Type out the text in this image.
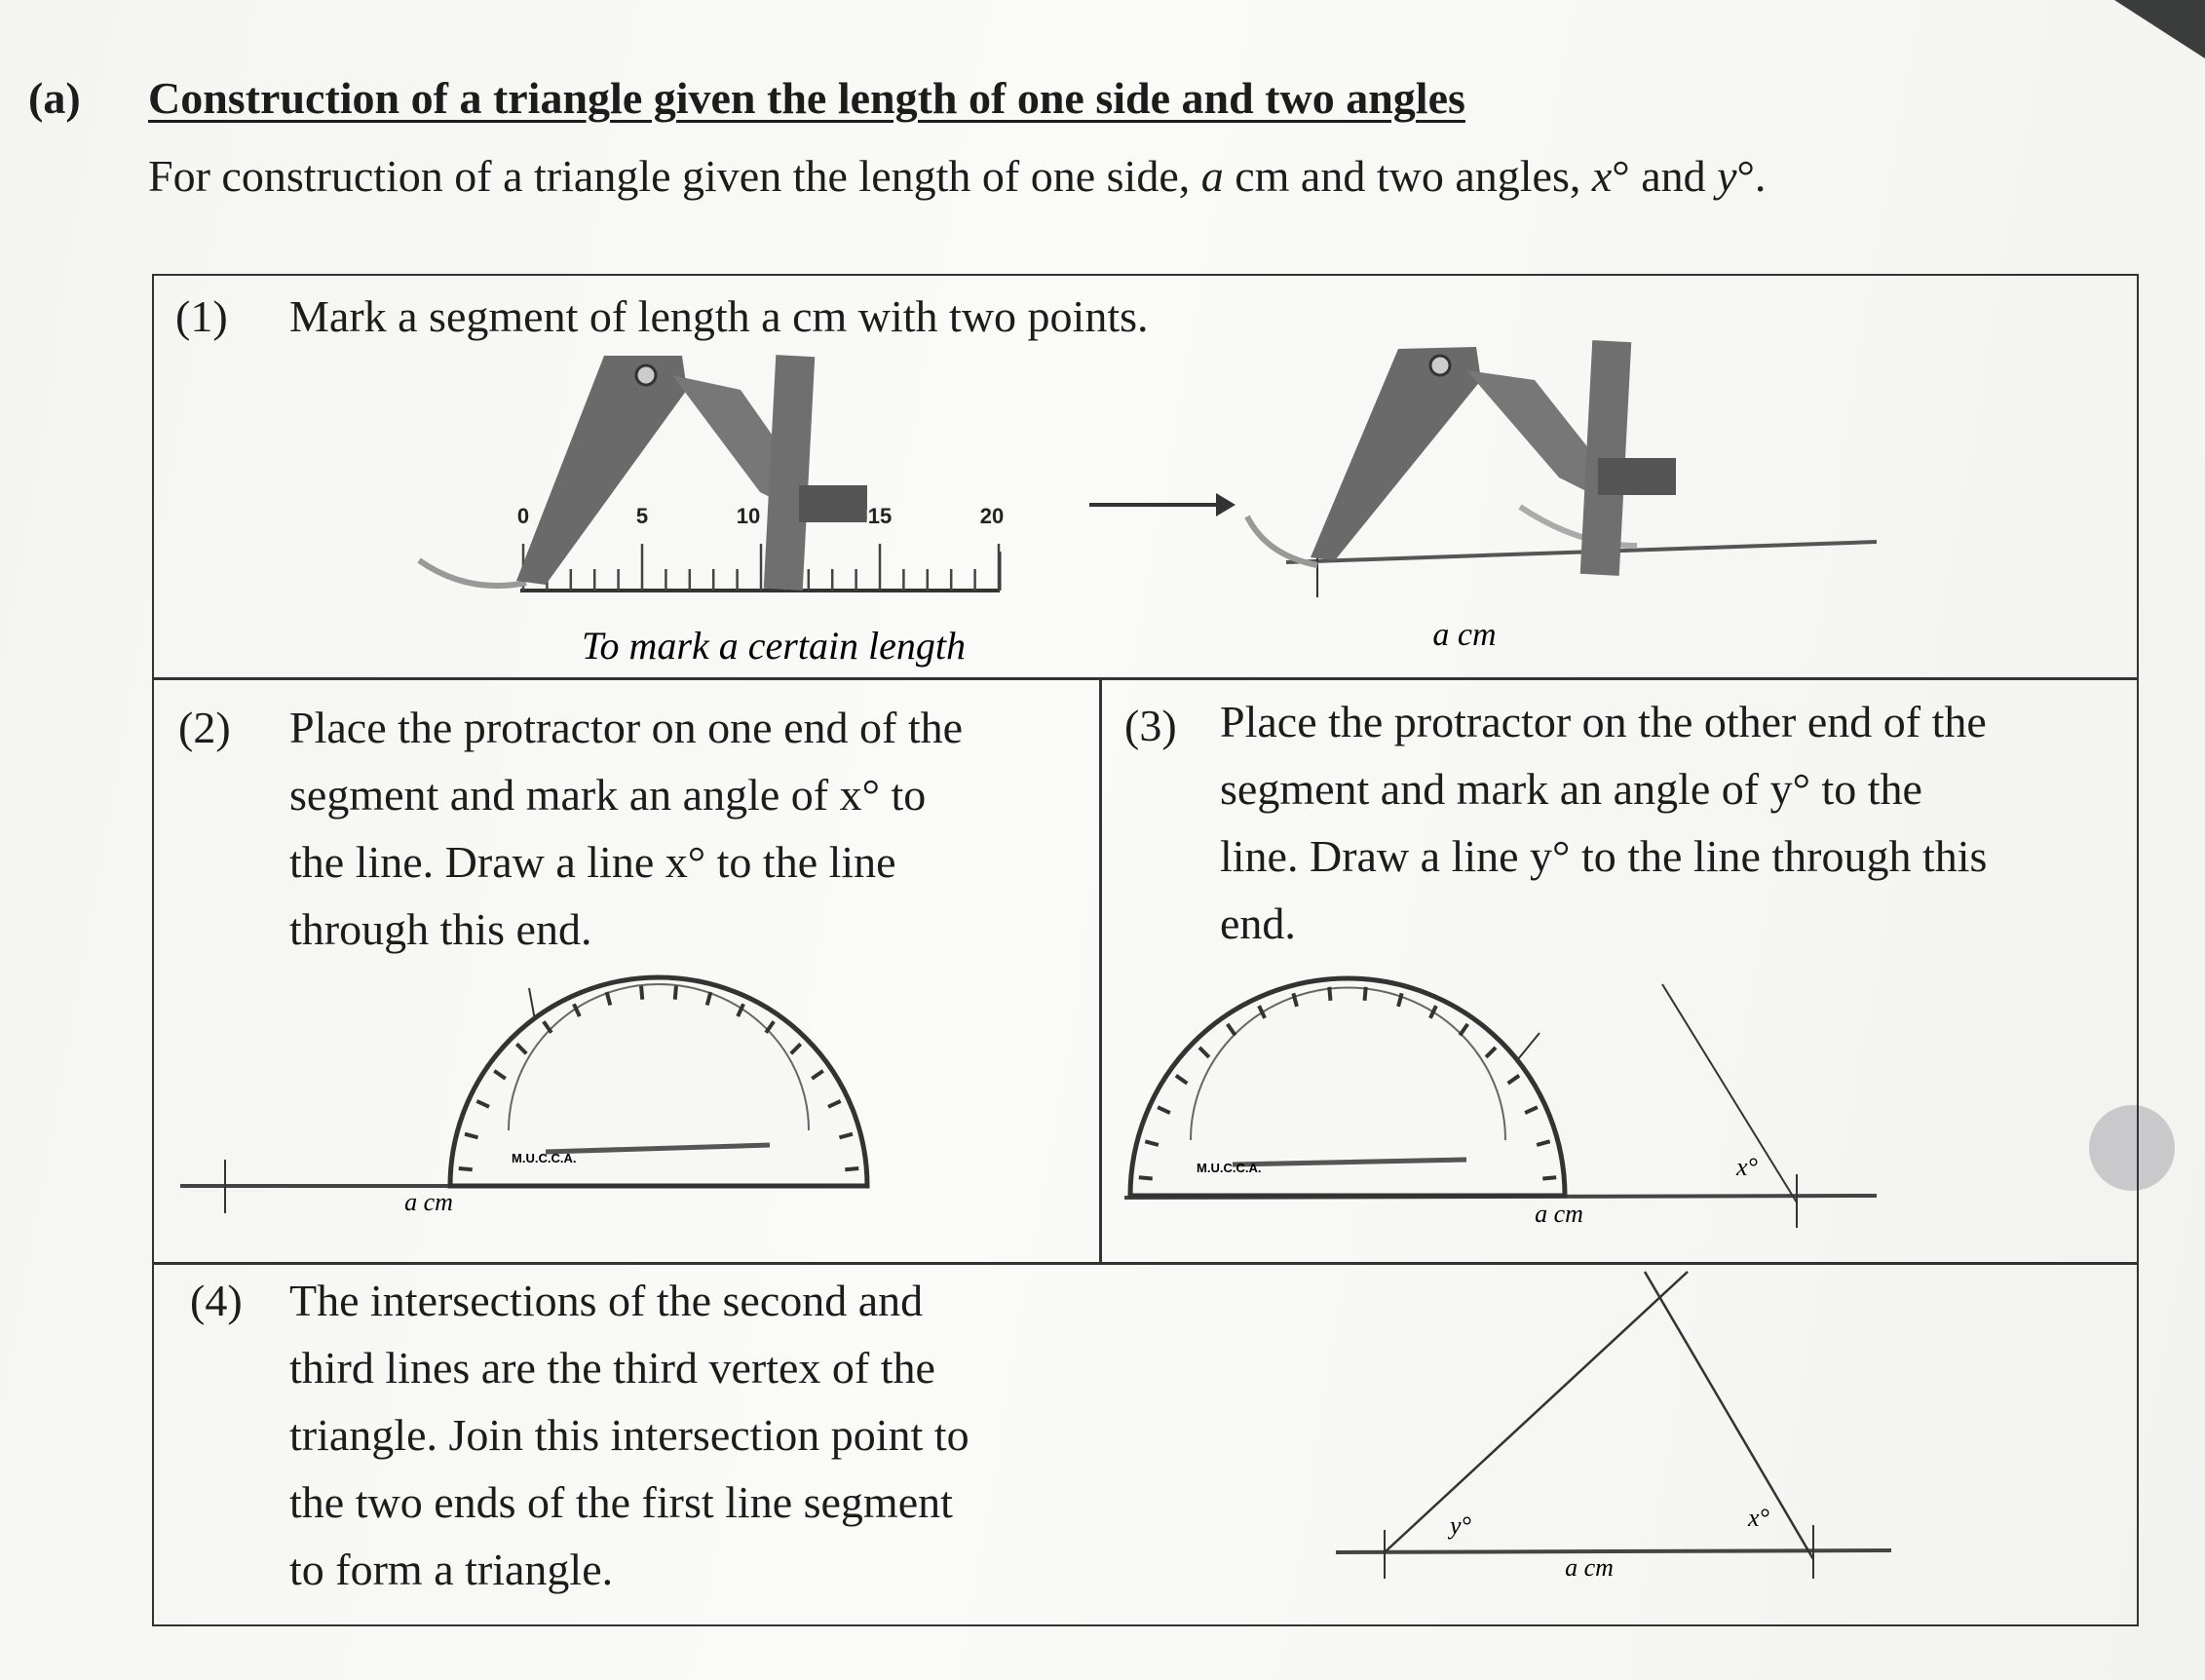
(a) Construction of a triangle given the length of one side and two angles
For construction of a triangle given the length of one side, a cm and two angles, x° and y°.
(1) Mark a segment of length a cm with two points.
(2) Place the protractor on one end of the
segment and mark an angle of x° to
the line. Draw a line x° to the line
through this end.
(3) Place the protractor on the other end of the
segment and mark an angle of y° to the
line. Draw a line y° to the line through this
end.
(4) The intersections of the second and
third lines are the third vertex of the
triangle. Join this intersection point to
the two ends of the first line segment
to form a triangle.
0	5	10	15	20
To mark a certain length	a cm
M.U.C.C.A.
a cm
M.U.C.C.A.	x°
a cm
y°	x°
a cm
